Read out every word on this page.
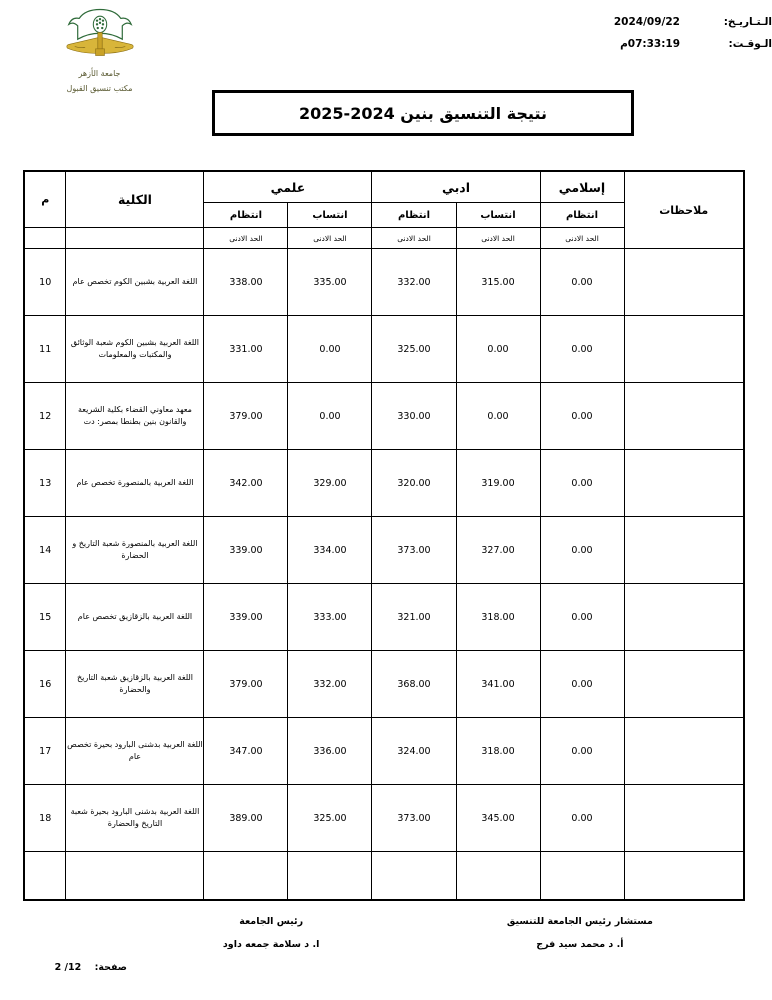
الـتـاريـخ:
2024/09/22
الـوقـت:
07:33:19
م
جامعة الأزهر
مكتب تنسيق القبول
نتيجة التنسيق بنين 2024-2025
ملاحظات	إسلامي	ادبي		علمي		الكلية	م
	انتظام	انتساب	انتظام	انتساب	انتظام		
	الحد الادنى	الحد الادنى	الحد الادنى	الحد الادنى	الحد الادنى		
	0.00	315.00	332.00	335.00	338.00	اللغة العربية بشبين الكوم تخصص عام	10
	0.00	0.00	325.00	0.00	331.00	اللغة العربية بشبين الكوم شعبة الوثائق والمكتبات والمعلومات	11
	0.00	0.00	330.00	0.00	379.00	معهد معاوني القضاء بكلية الشريعة والقانون بنين بطنطا بمصر: دت	12
	0.00	319.00	320.00	329.00	342.00	اللغة العربية بالمنصورة تخصص عام	13
	0.00	327.00	373.00	334.00	339.00	اللغة العربية بالمنصورة شعبة التاريخ و الحضارة	14
	0.00	318.00	321.00	333.00	339.00	اللغة العربية بالزقازيق تخصص عام	15
	0.00	341.00	368.00	332.00	379.00	اللغة العربية بالزقازيق شعبة التاريخ والحضارة	16
	0.00	318.00	324.00	336.00	347.00	اللغة العربية بدشنى البارود بحيرة تخصص عام	17
	0.00	345.00	373.00	325.00	389.00	اللغة العربية بدشنى البارود بحيرة شعبة التاريخ والحضارة	18

مستشار رئيس الجامعة للتنسيق
أ. د محمد سيد فرج
رئيس الجامعة
ا. د سلامة جمعه داود
صفحة: 2 /12
